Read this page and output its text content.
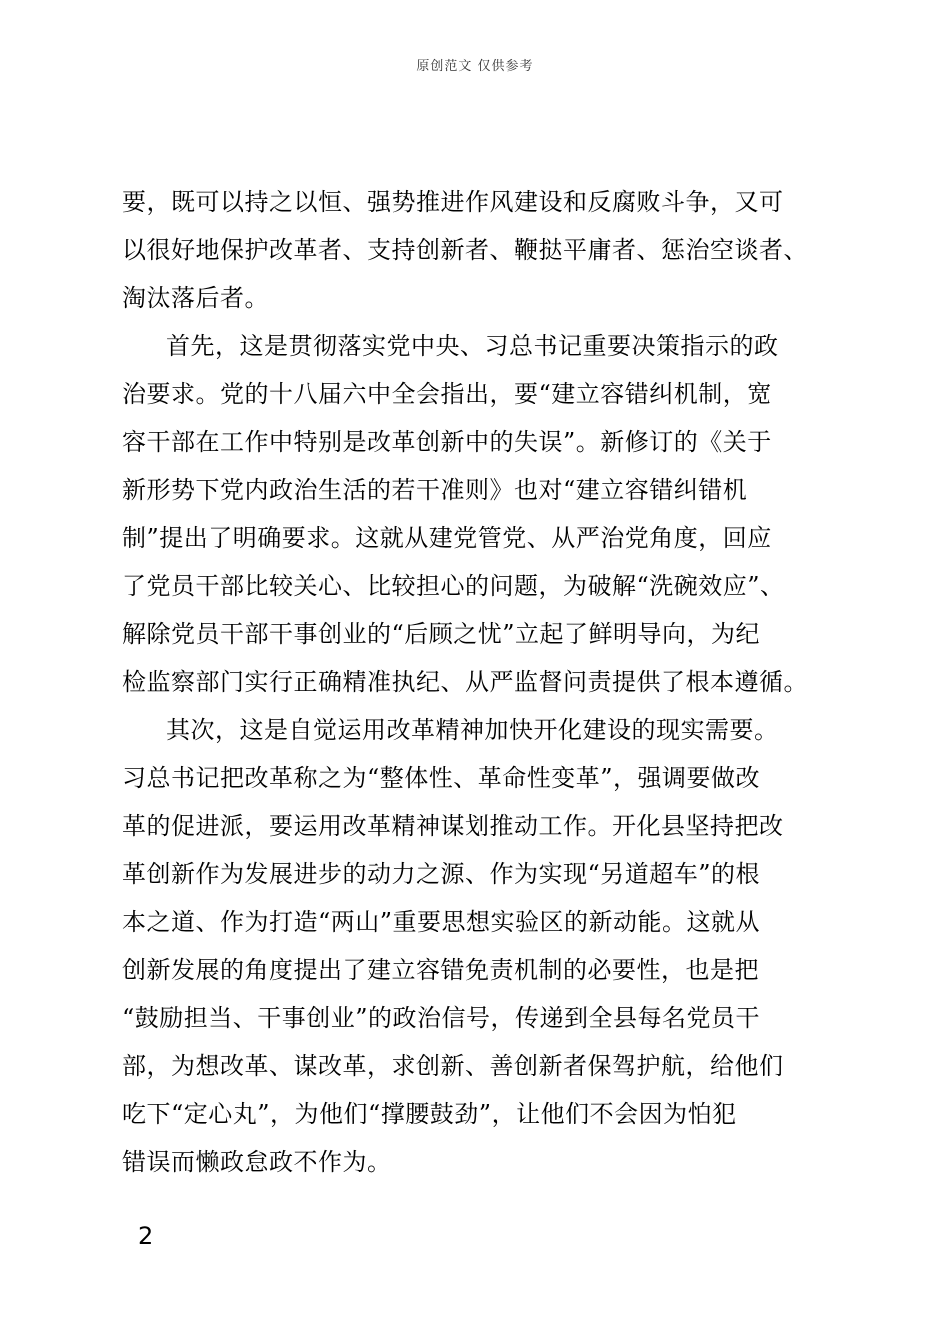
原创范文 仅供参考
要，既可以持之以恒、强势推进作风建设和反腐败斗争，又可
以很好地保护改革者、支持创新者、鞭挞平庸者、惩治空谈者、
淘汰落后者。
首先，这是贯彻落实党中央、习总书记重要决策指示的政
治要求。党的十八届六中全会指出，要“建立容错纠机制，宽
容干部在工作中特别是改革创新中的失误”。新修订的《关于
新形势下党内政治生活的若干准则》也对“建立容错纠错机
制”提出了明确要求。这就从建党管党、从严治党角度，回应
了党员干部比较关心、比较担心的问题，为破解“洗碗效应”、
解除党员干部干事创业的“后顾之忧”立起了鲜明导向，为纪
检监察部门实行正确精准执纪、从严监督问责提供了根本遵循。
其次，这是自觉运用改革精神加快开化建设的现实需要。
习总书记把改革称之为“整体性、革命性变革”，强调要做改
革的促进派，要运用改革精神谋划推动工作。开化县坚持把改
革创新作为发展进步的动力之源、作为实现“另道超车”的根
本之道、作为打造“两山”重要思想实验区的新动能。这就从
创新发展的角度提出了建立容错免责机制的必要性，也是把
“鼓励担当、干事创业”的政治信号，传递到全县每名党员干
部，为想改革、谋改革，求创新、善创新者保驾护航，给他们
吃下“定心丸”，为他们“撑腰鼓劲”，让他们不会因为怕犯
错误而懒政怠政不作为。
2
